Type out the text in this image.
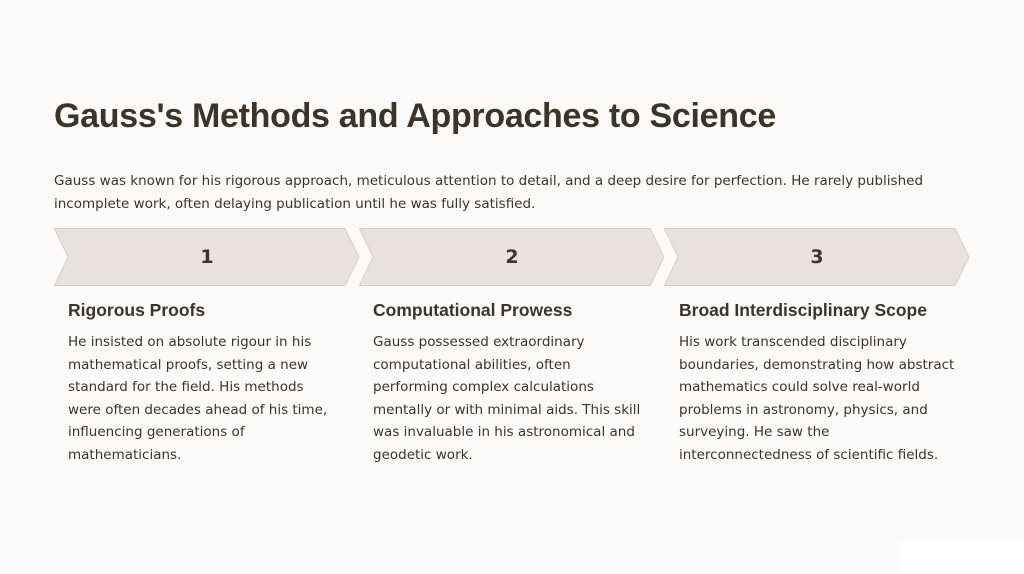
Gauss's Methods and Approaches to Science

Gauss was known for his rigorous approach, meticulous attention to detail, and a deep desire for perfection. He rarely published incomplete work, often delaying publication until he was fully satisfied.

1	2	3
Rigorous Proofs

He insisted on absolute rigour in his mathematical proofs, setting a new standard for the field. His methods were often decades ahead of his time, influencing generations of mathematicians.

Computational Prowess

Gauss possessed extraordinary computational abilities, often performing complex calculations mentally or with minimal aids. This skill was invaluable in his astronomical and geodetic work.

Broad Interdisciplinary Scope

His work transcended disciplinary boundaries, demonstrating how abstract mathematics could solve real-world problems in astronomy, physics, and surveying. He saw the interconnectedness of scientific fields.
